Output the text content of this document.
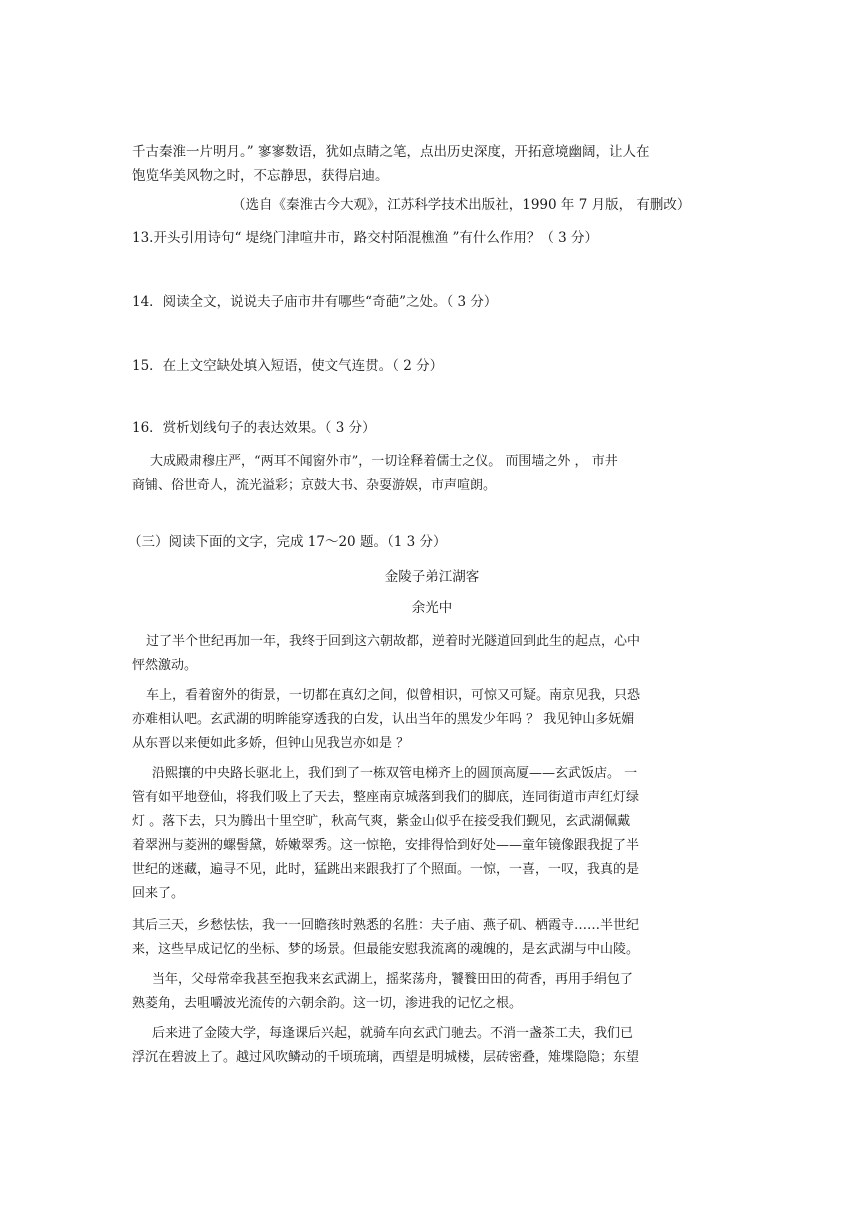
千古秦淮一片明月。” 寥寥数语，犹如点睛之笔，点出历史深度，开拓意境幽阔，让人在
饱览华美风物之时，不忘静思，获得启迪。

（选自《秦淮古今大观》，江苏科学技术出版社，1990 年 7 月版， 有删改）

13.开头引用诗句“ 堤绕门津喧井市，路交村陌混樵渔 ”有什么作用？（ 3 分）

14．阅读全文，说说夫子庙市井有哪些“奇葩”之处。（ 3 分）

15．在上文空缺处填入短语，使文气连贯。（ 2 分）

16．赏析划线句子的表达效果。（ 3 分）

大成殿肃穆庄严，“两耳不闻窗外市”，一切诠释着儒士之仪。 而围墙之外 ， 市井
商铺、俗世奇人，流光溢彩；京鼓大书、杂耍游娱，市声喧朗。

（三）阅读下面的文字，完成 17～20 题。（1 3 分）

金陵子弟江湖客

余光中

过了半个世纪再加一年，我终于回到这六朝故都，逆着时光隧道回到此生的起点，心中
怦然激动。

车上，看着窗外的街景，一切都在真幻之间，似曾相识，可惊又可疑。南京见我，只恐
亦难相认吧。玄武湖的明眸能穿透我的白发，认出当年的黑发少年吗 ？ 我见钟山多妩媚
从东晋以来便如此多娇，但钟山见我岂亦如是 ？

沿熙攘的中央路长驱北上，我们到了一栋双管电梯齐上的圆顶高厦——玄武饭店。 一
管有如平地登仙，将我们吸上了天去，整座南京城落到我们的脚底，连同街道市声红灯绿
灯 。落下去，只为腾出十里空旷，秋高气爽，紫金山似乎在接受我们觐见，玄武湖佩戴
着翠洲与菱洲的螺髻黛，娇嫩翠秀。这一惊艳，安排得恰到好处——童年镜像跟我捉了半
世纪的迷藏，遍寻不见，此时，猛跳出来跟我打了个照面。一惊，一喜，一叹，我真的是
回来了。

其后三天，乡愁怯怯，我一一回瞻孩时熟悉的名胜：夫子庙、燕子矶、栖霞寺……半世纪
来，这些早成记忆的坐标、梦的场景。但最能安慰我流离的魂魄的，是玄武湖与中山陵。

当年，父母常牵我甚至抱我来玄武湖上，摇桨荡舟，饕餮田田的荷香，再用手绢包了
熟菱角，去咀嚼波光流传的六朝余韵。这一切，渗进我的记忆之根。

后来进了金陵大学，每逢课后兴起，就骑车向玄武门驰去。不消一盏茶工夫，我们已
浮沉在碧波上了。越过风吹鳞动的千顷琉璃，西望是明城楼，层砖密叠，雉堞隐隐；东望
